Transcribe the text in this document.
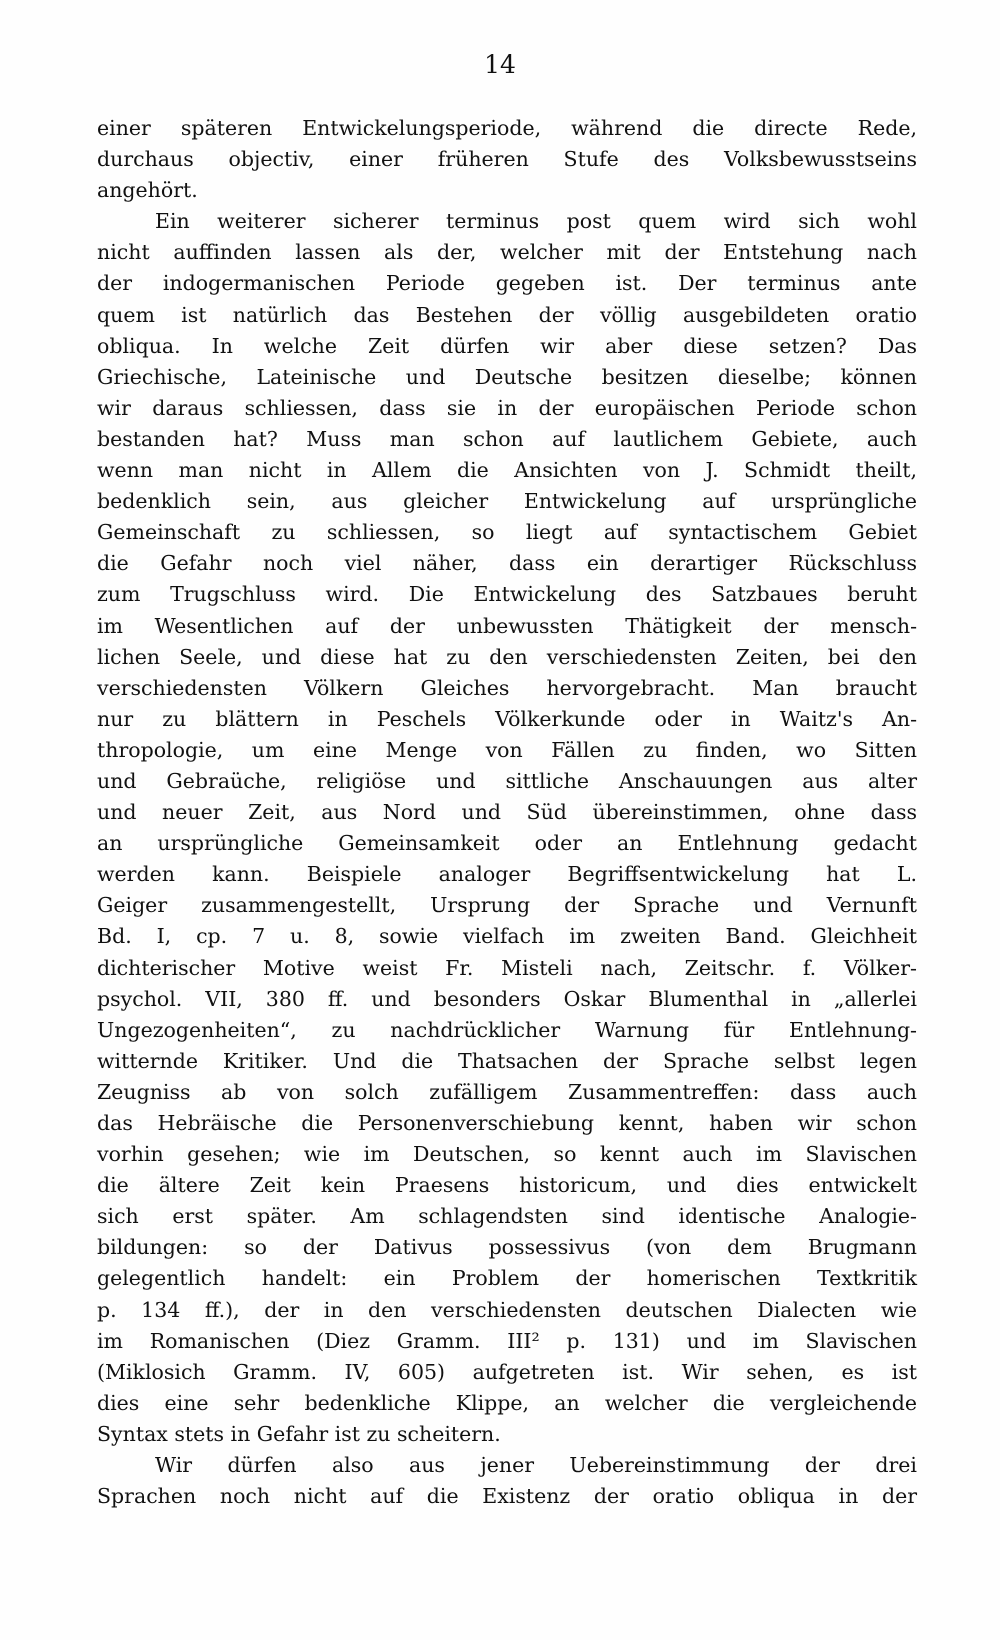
14
einer späteren Entwickelungsperiode, während die directe Rede,
durchaus objectiv, einer früheren Stufe des Volksbewusstseins
angehört.
Ein weiterer sicherer terminus post quem wird sich wohl
nicht auffinden lassen als der, welcher mit der Entstehung nach
der indogermanischen Periode gegeben ist. Der terminus ante
quem ist natürlich das Bestehen der völlig ausgebildeten oratio
obliqua. In welche Zeit dürfen wir aber diese setzen? Das
Griechische, Lateinische und Deutsche besitzen dieselbe; können
wir daraus schliessen, dass sie in der europäischen Periode schon
bestanden hat? Muss man schon auf lautlichem Gebiete, auch
wenn man nicht in Allem die Ansichten von J. Schmidt theilt,
bedenklich sein, aus gleicher Entwickelung auf ursprüngliche
Gemeinschaft zu schliessen, so liegt auf syntactischem Gebiet
die Gefahr noch viel näher, dass ein derartiger Rückschluss
zum Trugschluss wird. Die Entwickelung des Satzbaues beruht
im Wesentlichen auf der unbewussten Thätigkeit der mensch-
lichen Seele, und diese hat zu den verschiedensten Zeiten, bei den
verschiedensten Völkern Gleiches hervorgebracht. Man braucht
nur zu blättern in Peschels Völkerkunde oder in Waitz's An-
thropologie, um eine Menge von Fällen zu finden, wo Sitten
und Gebraüche, religiöse und sittliche Anschauungen aus alter
und neuer Zeit, aus Nord und Süd übereinstimmen, ohne dass
an ursprüngliche Gemeinsamkeit oder an Entlehnung gedacht
werden kann. Beispiele analoger Begriffsentwickelung hat L.
Geiger zusammengestellt, Ursprung der Sprache und Vernunft
Bd. I, cp. 7 u. 8, sowie vielfach im zweiten Band. Gleichheit
dichterischer Motive weist Fr. Misteli nach, Zeitschr. f. Völker-
psychol. VII, 380 ff. und besonders Oskar Blumenthal in „allerlei
Ungezogenheiten“, zu nachdrücklicher Warnung für Entlehnung-
witternde Kritiker. Und die Thatsachen der Sprache selbst legen
Zeugniss ab von solch zufälligem Zusammentreffen: dass auch
das Hebräische die Personenverschiebung kennt, haben wir schon
vorhin gesehen; wie im Deutschen, so kennt auch im Slavischen
die ältere Zeit kein Praesens historicum, und dies entwickelt
sich erst später. Am schlagendsten sind identische Analogie-
bildungen: so der Dativus possessivus (von dem Brugmann
gelegentlich handelt: ein Problem der homerischen Textkritik
p. 134 ff.), der in den verschiedensten deutschen Dialecten wie
im Romanischen (Diez Gramm. III² p. 131) und im Slavischen
(Miklosich Gramm. IV, 605) aufgetreten ist. Wir sehen, es ist
dies eine sehr bedenkliche Klippe, an welcher die vergleichende
Syntax stets in Gefahr ist zu scheitern.
Wir dürfen also aus jener Uebereinstimmung der drei
Sprachen noch nicht auf die Existenz der oratio obliqua in der
